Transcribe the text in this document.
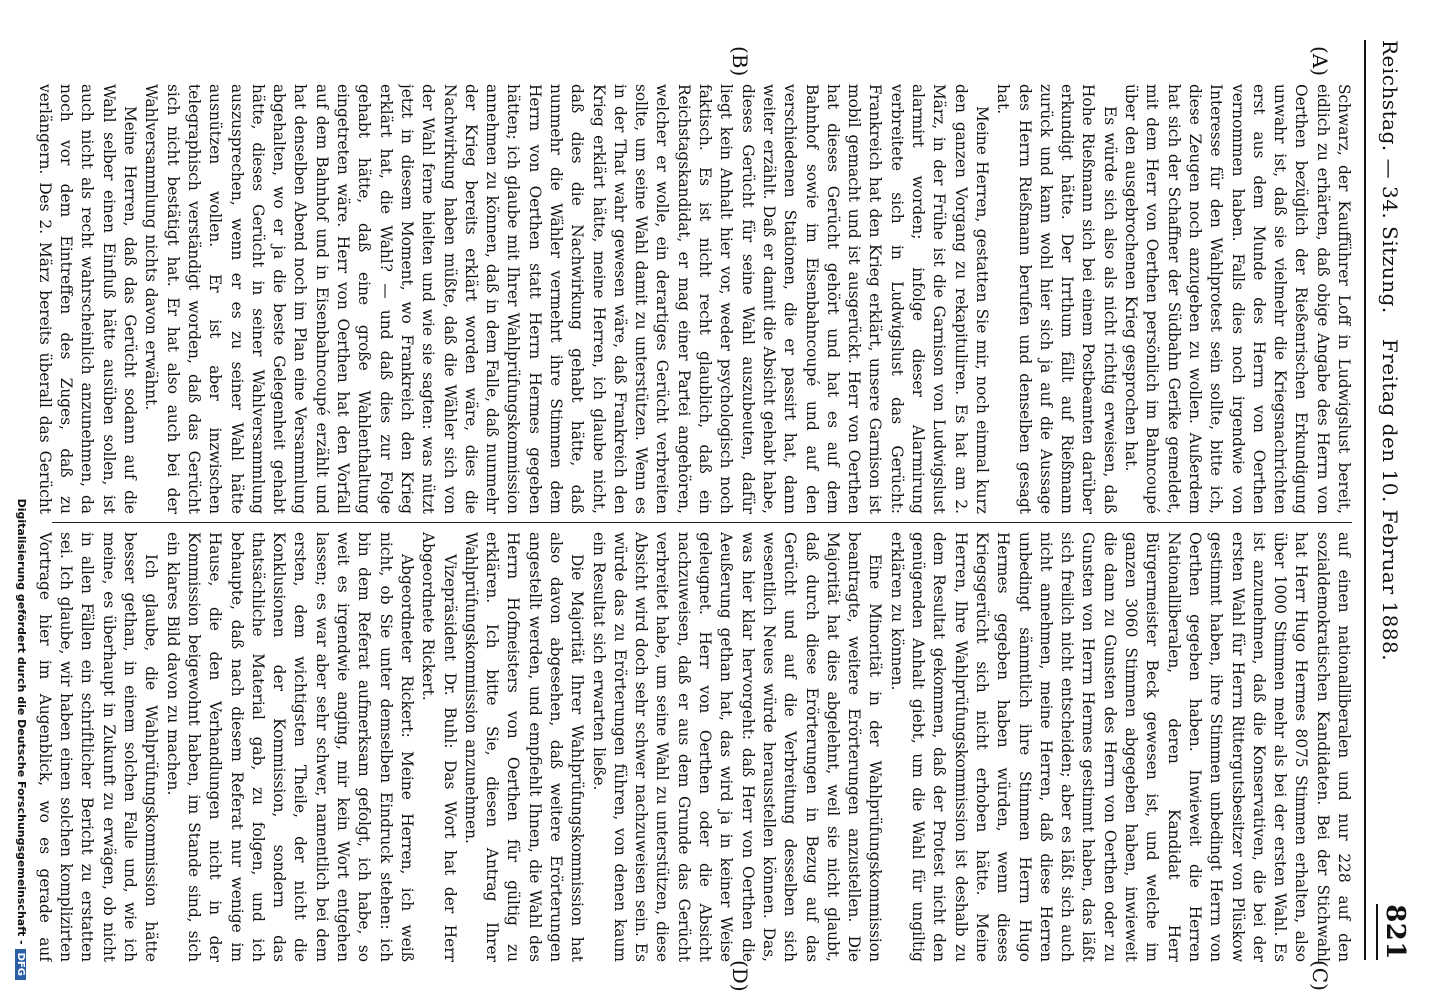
Reichstag. — 34. Sitzung.
Freitag den 10. Februar 1888.
821
(A)
(B)
(C)
(D)

Schwarz, der Kaufführer Loff in Ludwigslust bereit, eidlich zu erhärten, daß obige Angabe des Herrn von Oerthen bezüglich der Rießenrischen Erkundigung unwahr ist, daß sie vielmehr die Kriegsnachrichten erst aus dem Munde des Herrn von Oerthen vernommen haben. Falls dies noch irgendwie von Interesse für den Wahlprotest sein sollte, bitte ich, diese Zeugen noch anzugeben zu wollen. Außerdem hat sich der Schaffner der Südbahn Gerike gemeldet, mit dem Herr von Oerthen persönlich im Bahncoupé über den ausgebrochenen Krieg gesprochen hat.

Es würde sich also als nicht richtig erweisen, daß Hohe Rießmann sich bei einem Postbeamten darüber erkundigt hätte. Der Irrthum fällt auf Rießmann zurück und kann wohl hier sich ja auf die Aussage des Herrn Rießmann berufen und denselben gesagt hat.

Meine Herren, gestatten Sie mir, noch einmal kurz den ganzen Vorgang zu rekapituliren. Es hat am 2. März, in der Frühe ist die Garnison von Ludwigslust alarmirt worden; infolge dieser Alarmirung verbreitete sich in Ludwigslust das Gerücht: Frankreich hat den Krieg erklärt, unsere Garnison ist mobil gemacht und ist ausgerückt. Herr von Oerthen hat dieses Gerücht gehört und hat es auf dem Bahnhof sowie im Eisenbahncoupé und auf den verschiedenen Stationen, die er passirt hat, dann weiter erzählt. Daß er damit die Absicht gehabt habe, dieses Gerücht für seine Wahl auszubeuten, dafür liegt kein Anhalt hier vor, weder psychologisch noch faktisch. Es ist nicht recht glaublich, daß ein Reichstagskandidat, er mag einer Partei angehören, welcher er wolle, ein derartiges Gerücht verbreiten sollte, um seine Wahl damit zu unterstützen. Wenn es in der That wahr gewesen wäre, daß Frankreich den Krieg erklärt hätte, meine Herren, ich glaube nicht, daß dies die Nachwirkung gehabt hätte, daß nunmehr die Wähler vermehrt ihre Stimmen dem Herrn von Oerthen statt Herrn Hermes gegeben hätten; ich glaube mit Ihrer Wahlprüfungskommission annehmen zu können, daß in dem Falle, daß nunmehr der Krieg bereits erklärt worden wäre, dies die Nachwirkung haben müßte, daß die Wähler sich von der Wahl ferne hielten und wie sie sagten: was nützt jetzt in diesem Moment, wo Frankreich den Krieg erklärt hat, die Wahl? — und daß dies zur Folge gehabt hätte, daß eine große Wahlenthaltung eingetreten wäre. Herr von Oerthen hat den Vorfall auf dem Bahnhof und in Eisenbahncoupé erzählt und hat denselben Abend noch im Plan eine Versammlung abgehalten, wo er ja die beste Gelegenheit gehabt hätte, dieses Gerücht in seiner Wahlversammlung auszusprechen, wenn er es zu seiner Wahl hätte ausnützen wollen. Er ist aber inzwischen telegraphisch verständigt worden, daß das Gerücht sich nicht bestätigt hat. Er hat also auch bei der Wahlversammlung nichts davon erwähnt.

Meine Herren, daß das Gerücht sodann auf die Wahl selber einen Einfluß hätte ausüben sollen, ist auch nicht als recht wahrscheinlich anzunehmen, da noch vor dem Eintreffen des Zuges, daß zu verlängern. Des 2. März bereits überall das Gerücht

auf einen nationalliberalen und nur 228 auf den sozialdemokratischen Kandidaten. Bei der Stichwahl hat Herr Hugo Hermes 8075 Stimmen erhalten, also über 1000 Stimmen mehr als bei der ersten Wahl. Es ist anzunehmen, daß die Konservativen, die bei der ersten Wahl für Herrn Rittergutsbesitzer von Plüskow gestimmt haben, ihre Stimmen unbedingt Herrn von Oerthen gegeben haben. Inwieweit die Herren Nationalliberalen, deren Kandidat Herr Bürgermeister Beck gewesen ist, und welche im ganzen 3060 Stimmen abgegeben haben, inwieweit die dann zu Gunsten des Herrn von Oerthen oder zu Gunsten von Herrn Hermes gestimmt haben, das läßt sich freilich nicht entscheiden; aber es läßt sich auch nicht annehmen, meine Herren, daß diese Herren unbedingt sämmtlich ihre Stimmen Herrn Hugo Hermes gegeben haben würden, wenn dieses Kriegsgerücht sich nicht erhoben hätte. Meine Herren, Ihre Wahlprüfungskommission ist deshalb zu dem Resultat gekommen, daß der Protest nicht den genügenden Anhalt giebt, um die Wahl für ungiltig erklären zu können.

Eine Minorität in der Wahlprüfungskommission beantragte, weitere Erörterungen anzustellen. Die Majorität hat dies abgelehnt, weil sie nicht glaubt, daß durch diese Erörterungen in Bezug auf das Gerücht und auf die Verbreitung desselben sich wesentlich Neues würde herausstellen können. Das, was hier klar hervorgeht: daß Herr von Oerthen die Aeußerung gethan hat, das wird ja in keiner Weise geleugnet. Herr von Oerthen oder die Absicht nachzuweisen, daß er aus dem Grunde das Gerücht verbreitet habe, um seine Wahl zu unterstützen, diese Absicht wird doch sehr schwer nachzuweisen sein. Es würde das zu Erörterungen führen, von denen kaum ein Resultat sich erwarten ließe.

Die Majorität Ihrer Wahlprüfungskommission hat also davon abgesehen, daß weitere Erörterungen angestellt werden, und empfiehlt Ihnen, die Wahl des Herrn Hofmeisters von Oerthen für gültig zu erklären. Ich bitte Sie, diesen Antrag Ihrer Wahlprüfungskommission anzunehmen.

Vizepräsident Dr. Buhl: Das Wort hat der Herr Abgeordnete Rickert.

Abgeordneter Rickert: Meine Herren, ich weiß nicht, ob Sie unter demselben Eindruck stehen: ich bin dem Referat aufmerksam gefolgt, ich habe, so weit es irgendwie anging, mir kein Wort entgehen lassen; es war aber sehr schwer, namentlich bei dem ersten, dem wichtigsten Theile, der nicht die Konklusionen der Kommission, sondern das thatsächliche Material gab, zu folgen, und ich behaupte, daß nach diesem Referat nur wenige im Hause, die den Verhandlungen nicht in der Kommission beigewohnt haben, im Stande sind, sich ein klares Bild davon zu machen.

Ich glaube, die Wahlprüfungskommission hätte besser gethan, in einem solchen Falle und, wie ich meine, es überhaupt in Zukunft zu erwägen, ob nicht in allen Fällen ein schriftlicher Bericht zu erstatten sei. Ich glaube, wir haben einen solchen komplizirten Vortrage hier im Augenblick, wo es gerade auf

Digitalisierung gefördert durch die Deutsche Forschungsgemeinschaft -DFG
